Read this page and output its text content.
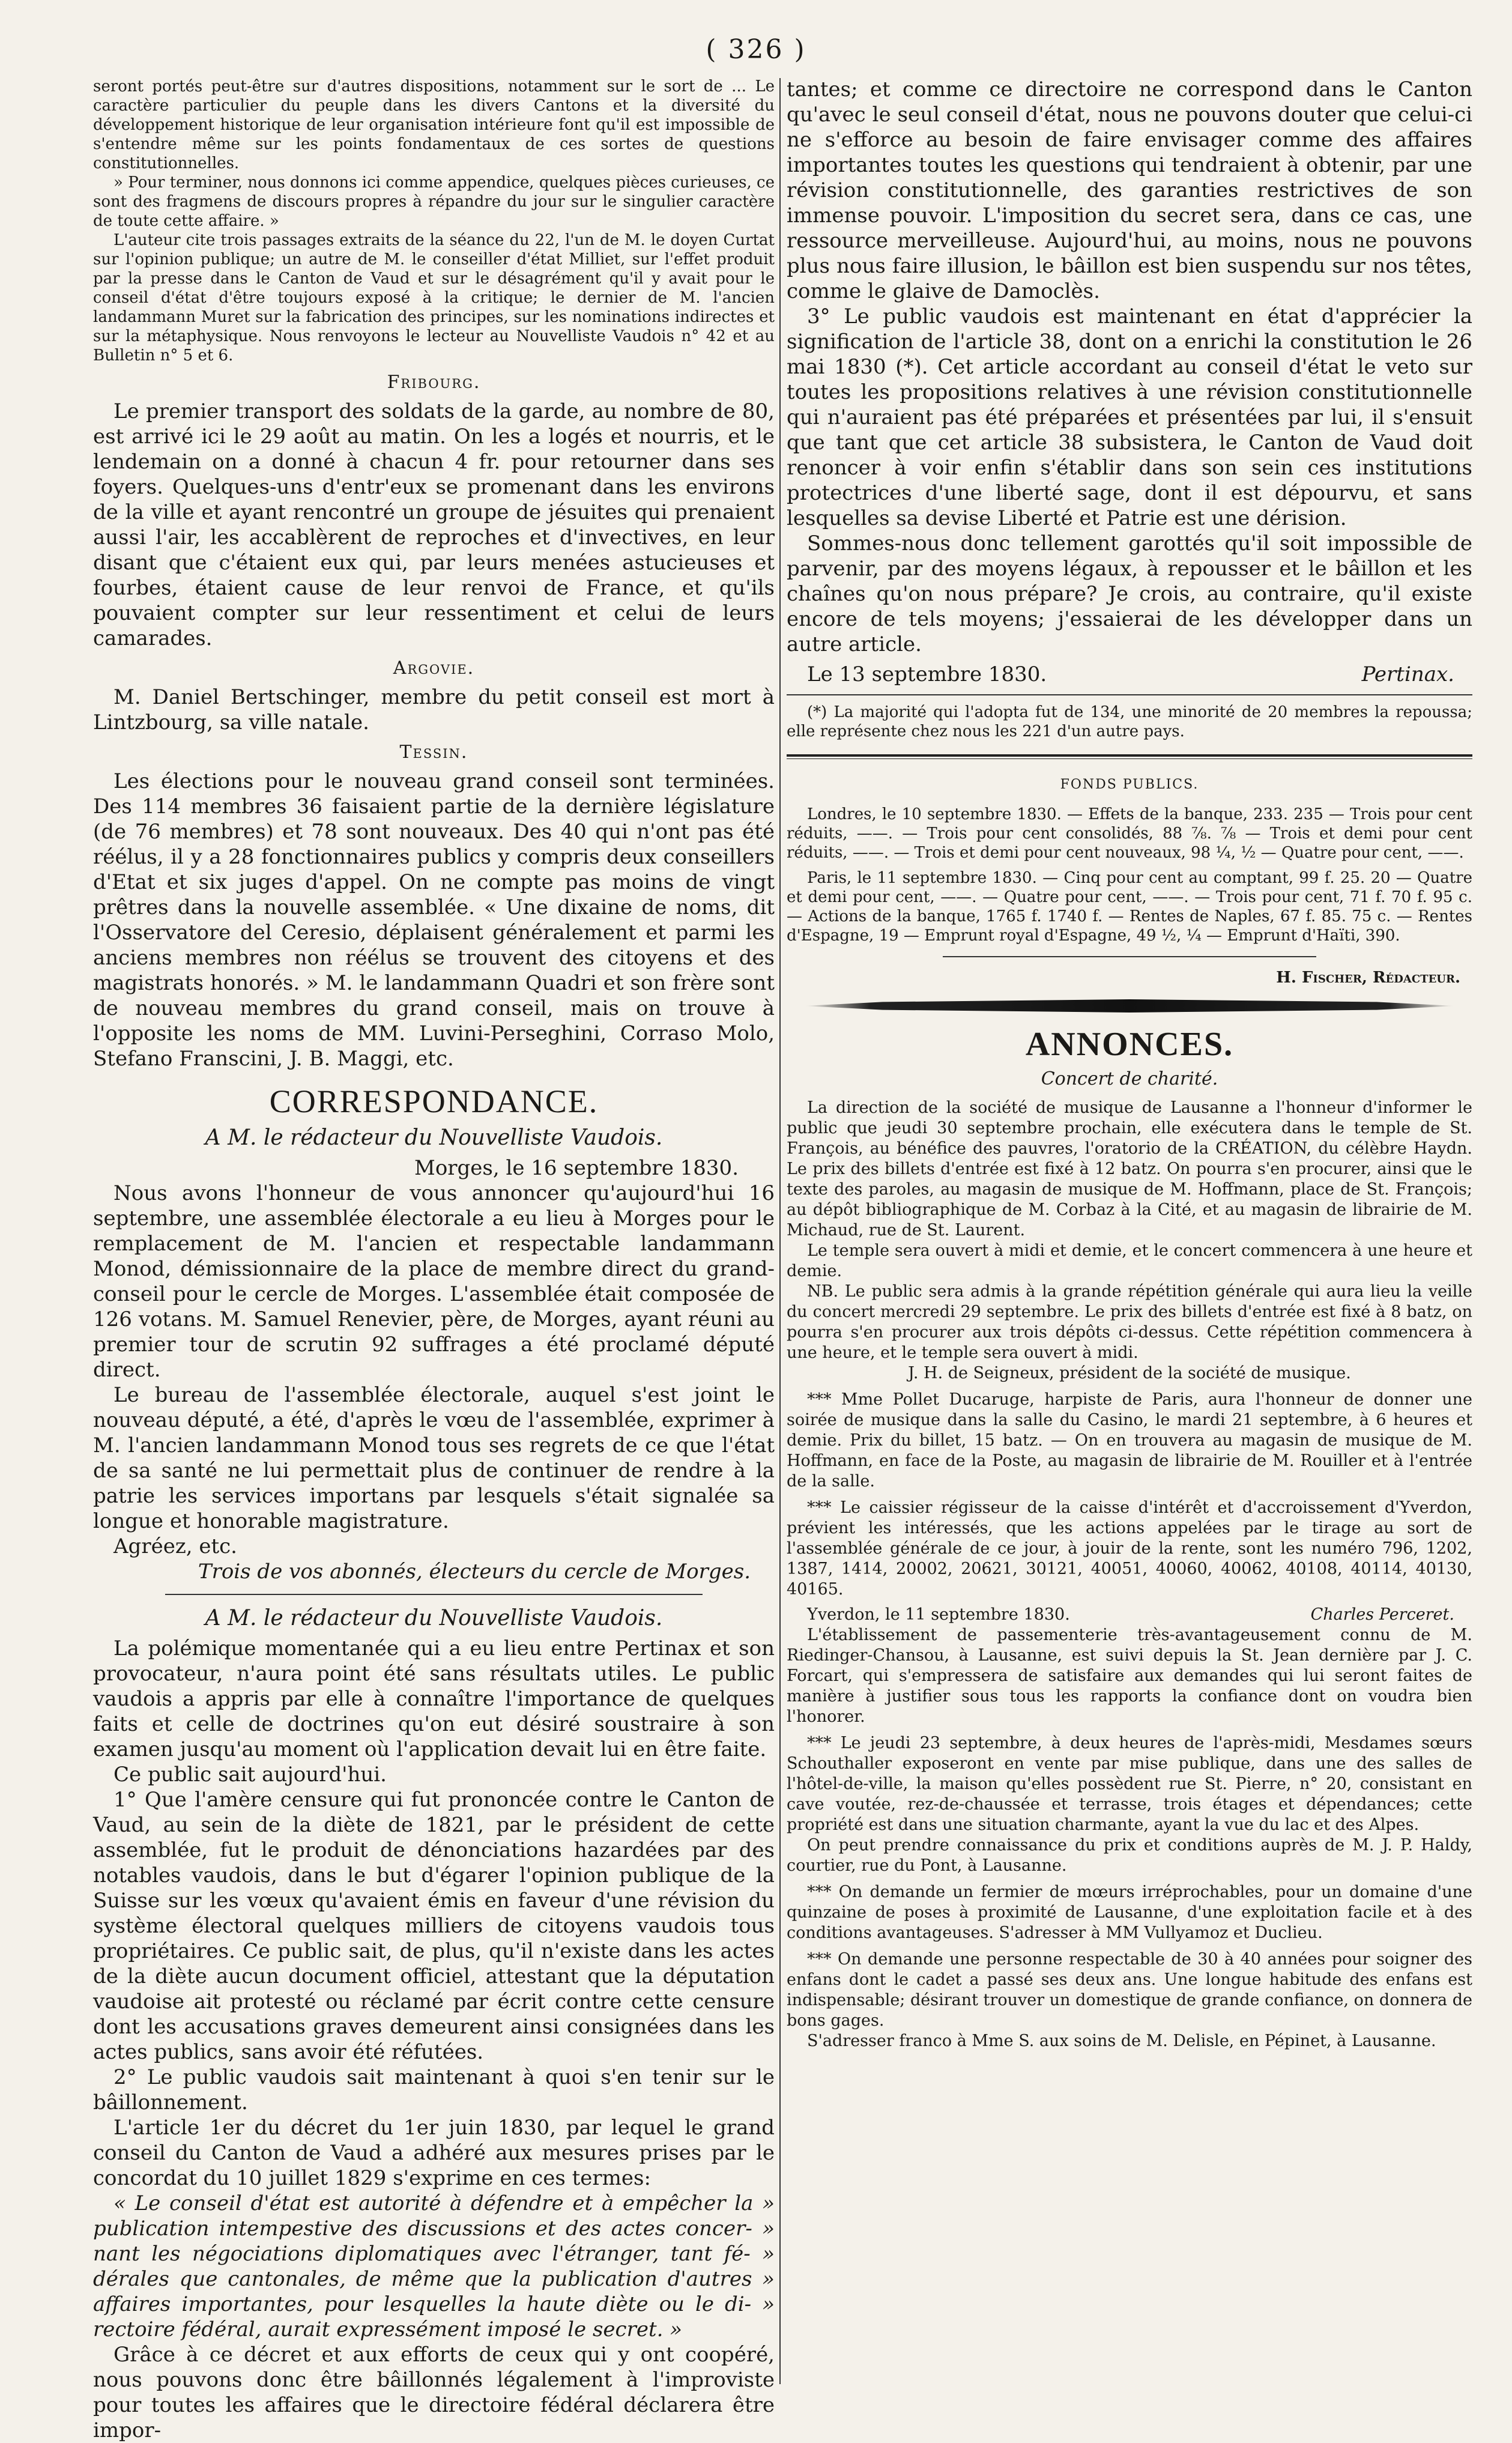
( 326 )

seront portés peut-être sur d'autres dispositions, notamment sur le sort de ... Le caractère particulier du peuple dans les divers Cantons et la diversité du développement historique de leur organisation intérieure font qu'il est impossible de s'entendre même sur les points fondamentaux de ces sortes de questions constitutionnelles.

» Pour terminer, nous donnons ici comme appendice, quelques pièces curieuses, ce sont des fragmens de discours propres à répandre du jour sur le singulier caractère de toute cette affaire. »

L'auteur cite trois passages extraits de la séance du 22, l'un de M. le doyen Curtat sur l'opinion publique; un autre de M. le conseiller d'état Milliet, sur l'effet produit par la presse dans le Canton de Vaud et sur le désagrément qu'il y avait pour le conseil d'état d'être toujours exposé à la critique; le dernier de M. l'ancien landammann Muret sur la fabrication des principes, sur les nominations indirectes et sur la métaphysique. Nous renvoyons le lecteur au Nouvelliste Vaudois n° 42 et au Bulletin n° 5 et 6.

Fribourg.

Le premier transport des soldats de la garde, au nombre de 80, est arrivé ici le 29 août au matin. On les a logés et nourris, et le lendemain on a donné à chacun 4 fr. pour retourner dans ses foyers. Quelques-uns d'entr'eux se promenant dans les environs de la ville et ayant rencontré un groupe de jésuites qui prenaient aussi l'air, les accablèrent de reproches et d'invectives, en leur disant que c'étaient eux qui, par leurs menées astucieuses et fourbes, étaient cause de leur renvoi de France, et qu'ils pouvaient compter sur leur ressentiment et celui de leurs camarades.

Argovie.

M. Daniel Bertschinger, membre du petit conseil est mort à Lintzbourg, sa ville natale.

Tessin.

Les élections pour le nouveau grand conseil sont terminées. Des 114 membres 36 faisaient partie de la dernière législature (de 76 membres) et 78 sont nouveaux. Des 40 qui n'ont pas été réélus, il y a 28 fonctionnaires publics y compris deux conseillers d'Etat et six juges d'appel. On ne compte pas moins de vingt prêtres dans la nouvelle assemblée. « Une dixaine de noms, dit l'Osservatore del Ceresio, déplaisent généralement et parmi les anciens membres non réélus se trouvent des citoyens et des magistrats honorés. » M. le landammann Quadri et son frère sont de nouveau membres du grand conseil, mais on trouve à l'opposite les noms de MM. Luvini-Perseghini, Corraso Molo, Stefano Franscini, J. B. Maggi, etc.

CORRESPONDANCE.
A M. le rédacteur du Nouvelliste Vaudois.
Morges, le 16 septembre 1830.

Nous avons l'honneur de vous annoncer qu'aujourd'hui 16 septembre, une assemblée électorale a eu lieu à Morges pour le remplacement de M. l'ancien et respectable landammann Monod, démissionnaire de la place de membre direct du grand-conseil pour le cercle de Morges. L'assemblée était composée de 126 votans. M. Samuel Renevier, père, de Morges, ayant réuni au premier tour de scrutin 92 suffrages a été proclamé député direct.

Le bureau de l'assemblée électorale, auquel s'est joint le nouveau député, a été, d'après le vœu de l'assemblée, exprimer à M. l'ancien landammann Monod tous ses regrets de ce que l'état de sa santé ne lui permettait plus de continuer de rendre à la patrie les services importans par lesquels s'était signalée sa longue et honorable magistrature.

Agréez, etc.

Trois de vos abonnés, électeurs du cercle de Morges.
A M. le rédacteur du Nouvelliste Vaudois.

La polémique momentanée qui a eu lieu entre Pertinax et son provocateur, n'aura point été sans résultats utiles. Le public vaudois a appris par elle à connaître l'importance de quelques faits et celle de doctrines qu'on eut désiré soustraire à son examen jusqu'au moment où l'application devait lui en être faite.

Ce public sait aujourd'hui.

1° Que l'amère censure qui fut prononcée contre le Canton de Vaud, au sein de la diète de 1821, par le président de cette assemblée, fut le produit de dénonciations hazardées par des notables vaudois, dans le but d'égarer l'opinion publique de la Suisse sur les vœux qu'avaient émis en faveur d'une révision du système électoral quelques milliers de citoyens vaudois tous propriétaires. Ce public sait, de plus, qu'il n'existe dans les actes de la diète aucun document officiel, attestant que la députation vaudoise ait protesté ou réclamé par écrit contre cette censure dont les accusations graves demeurent ainsi consignées dans les actes publics, sans avoir été réfutées.

2° Le public vaudois sait maintenant à quoi s'en tenir sur le bâillonnement.

L'article 1er du décret du 1er juin 1830, par lequel le grand conseil du Canton de Vaud a adhéré aux mesures prises par le concordat du 10 juillet 1829 s'exprime en ces termes:

« Le conseil d'état est autorité à défendre et à empêcher la » publication intempestive des discussions et des actes concer- » nant les négociations diplomatiques avec l'étranger, tant fé- » dérales que cantonales, de même que la publication d'autres » affaires importantes, pour lesquelles la haute diète ou le di- » rectoire fédéral, aurait expressément imposé le secret. »

Grâce à ce décret et aux efforts de ceux qui y ont coopéré, nous pouvons donc être bâillonnés légalement à l'improviste pour toutes les affaires que le directoire fédéral déclarera être impor-

tantes; et comme ce directoire ne correspond dans le Canton qu'avec le seul conseil d'état, nous ne pouvons douter que celui-ci ne s'efforce au besoin de faire envisager comme des affaires importantes toutes les questions qui tendraient à obtenir, par une révision constitutionnelle, des garanties restrictives de son immense pouvoir. L'imposition du secret sera, dans ce cas, une ressource merveilleuse. Aujourd'hui, au moins, nous ne pouvons plus nous faire illusion, le bâillon est bien suspendu sur nos têtes, comme le glaive de Damoclès.

3° Le public vaudois est maintenant en état d'apprécier la signification de l'article 38, dont on a enrichi la constitution le 26 mai 1830 (*). Cet article accordant au conseil d'état le veto sur toutes les propositions relatives à une révision constitutionnelle qui n'auraient pas été préparées et présentées par lui, il s'ensuit que tant que cet article 38 subsistera, le Canton de Vaud doit renoncer à voir enfin s'établir dans son sein ces institutions protectrices d'une liberté sage, dont il est dépourvu, et sans lesquelles sa devise Liberté et Patrie est une dérision.

Sommes-nous donc tellement garottés qu'il soit impossible de parvenir, par des moyens légaux, à repousser et le bâillon et les chaînes qu'on nous prépare? Je crois, au contraire, qu'il existe encore de tels moyens; j'essaierai de les développer dans un autre article.

Le 13 septembre 1830.	Pertinax.

(*) La majorité qui l'adopta fut de 134, une minorité de 20 membres la repoussa; elle représente chez nous les 221 d'un autre pays.

FONDS PUBLICS.

Londres, le 10 septembre 1830. — Effets de la banque, 233. 235 — Trois pour cent réduits, ——. — Trois pour cent consolidés, 88 ⅞. ⅞ — Trois et demi pour cent réduits, ——. — Trois et demi pour cent nouveaux, 98 ¼, ½ — Quatre pour cent, ——.

Paris, le 11 septembre 1830. — Cinq pour cent au comptant, 99 f. 25. 20 — Quatre et demi pour cent, ——. — Quatre pour cent, ——. — Trois pour cent, 71 f. 70 f. 95 c. — Actions de la banque, 1765 f. 1740 f. — Rentes de Naples, 67 f. 85. 75 c. — Rentes d'Espagne, 19 — Emprunt royal d'Espagne, 49 ½, ¼ — Emprunt d'Haïti, 390.

H. Fischer, Rédacteur.
ANNONCES.
Concert de charité.

La direction de la société de musique de Lausanne a l'honneur d'informer le public que jeudi 30 septembre prochain, elle exécutera dans le temple de St. François, au bénéfice des pauvres, l'oratorio de la CRÉATION, du célèbre Haydn. Le prix des billets d'entrée est fixé à 12 batz. On pourra s'en procurer, ainsi que le texte des paroles, au magasin de musique de M. Hoffmann, place de St. François; au dépôt bibliographique de M. Corbaz à la Cité, et au magasin de librairie de M. Michaud, rue de St. Laurent.

Le temple sera ouvert à midi et demie, et le concert commencera à une heure et demie.

NB. Le public sera admis à la grande répétition générale qui aura lieu la veille du concert mercredi 29 septembre. Le prix des billets d'entrée est fixé à 8 batz, on pourra s'en procurer aux trois dépôts ci-dessus. Cette répétition commencera à une heure, et le temple sera ouvert à midi.

J. H. de Seigneux, président de la société de musique.

*** Mme Pollet Ducaruge, harpiste de Paris, aura l'honneur de donner une soirée de musique dans la salle du Casino, le mardi 21 septembre, à 6 heures et demie. Prix du billet, 15 batz. — On en trouvera au magasin de musique de M. Hoffmann, en face de la Poste, au magasin de librairie de M. Rouiller et à l'entrée de la salle.

*** Le caissier régisseur de la caisse d'intérêt et d'accroissement d'Yverdon, prévient les intéressés, que les actions appelées par le tirage au sort de l'assemblée générale de ce jour, à jouir de la rente, sont les numéro 796, 1202, 1387, 1414, 20002, 20621, 30121, 40051, 40060, 40062, 40108, 40114, 40130, 40165.

Yverdon, le 11 septembre 1830.	Charles Perceret.

L'établissement de passementerie très-avantageusement connu de M. Riedinger-Chansou, à Lausanne, est suivi depuis la St. Jean dernière par J. C. Forcart, qui s'empressera de satisfaire aux demandes qui lui seront faites de manière à justifier sous tous les rapports la confiance dont on voudra bien l'honorer.

*** Le jeudi 23 septembre, à deux heures de l'après-midi, Mesdames sœurs Schouthaller exposeront en vente par mise publique, dans une des salles de l'hôtel-de-ville, la maison qu'elles possèdent rue St. Pierre, n° 20, consistant en cave voutée, rez-de-chaussée et terrasse, trois étages et dépendances; cette propriété est dans une situation charmante, ayant la vue du lac et des Alpes.

On peut prendre connaissance du prix et conditions auprès de M. J. P. Haldy, courtier, rue du Pont, à Lausanne.

*** On demande un fermier de mœurs irréprochables, pour un domaine d'une quinzaine de poses à proximité de Lausanne, d'une exploitation facile et à des conditions avantageuses. S'adresser à MM Vullyamoz et Duclieu.

*** On demande une personne respectable de 30 à 40 années pour soigner des enfans dont le cadet a passé ses deux ans. Une longue habitude des enfans est indispensable; désirant trouver un domestique de grande confiance, on donnera de bons gages.

S'adresser franco à Mme S. aux soins de M. Delisle, en Pépinet, à Lausanne.
